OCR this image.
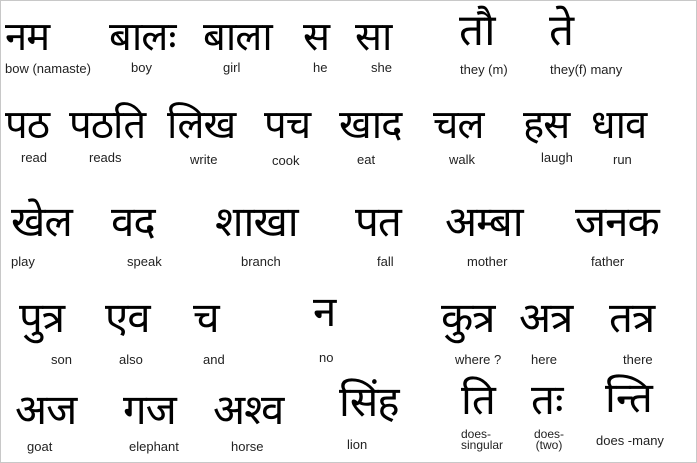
नम
bow (namaste)
बालः
boy
बाला
girl
स
he
सा
she
तौ
they (m)
ते
they(f) many
पठ
read
पठति
reads
लिख
write
पच
cook
खाद
eat
चल
walk
हस
laugh
धाव
run
खेल
play
वद
speak
शाखा
branch
पत
fall
अम्बा
mother
जनक
father
पुत्र
son
एव
also
च
and
न
no
कुत्र
where ?
अत्र
here
तत्र
there
अज
goat
गज
elephant
अश्व
horse
सिंह
lion
ति
does-singular
तः
does-(two)
न्ति
does -many
